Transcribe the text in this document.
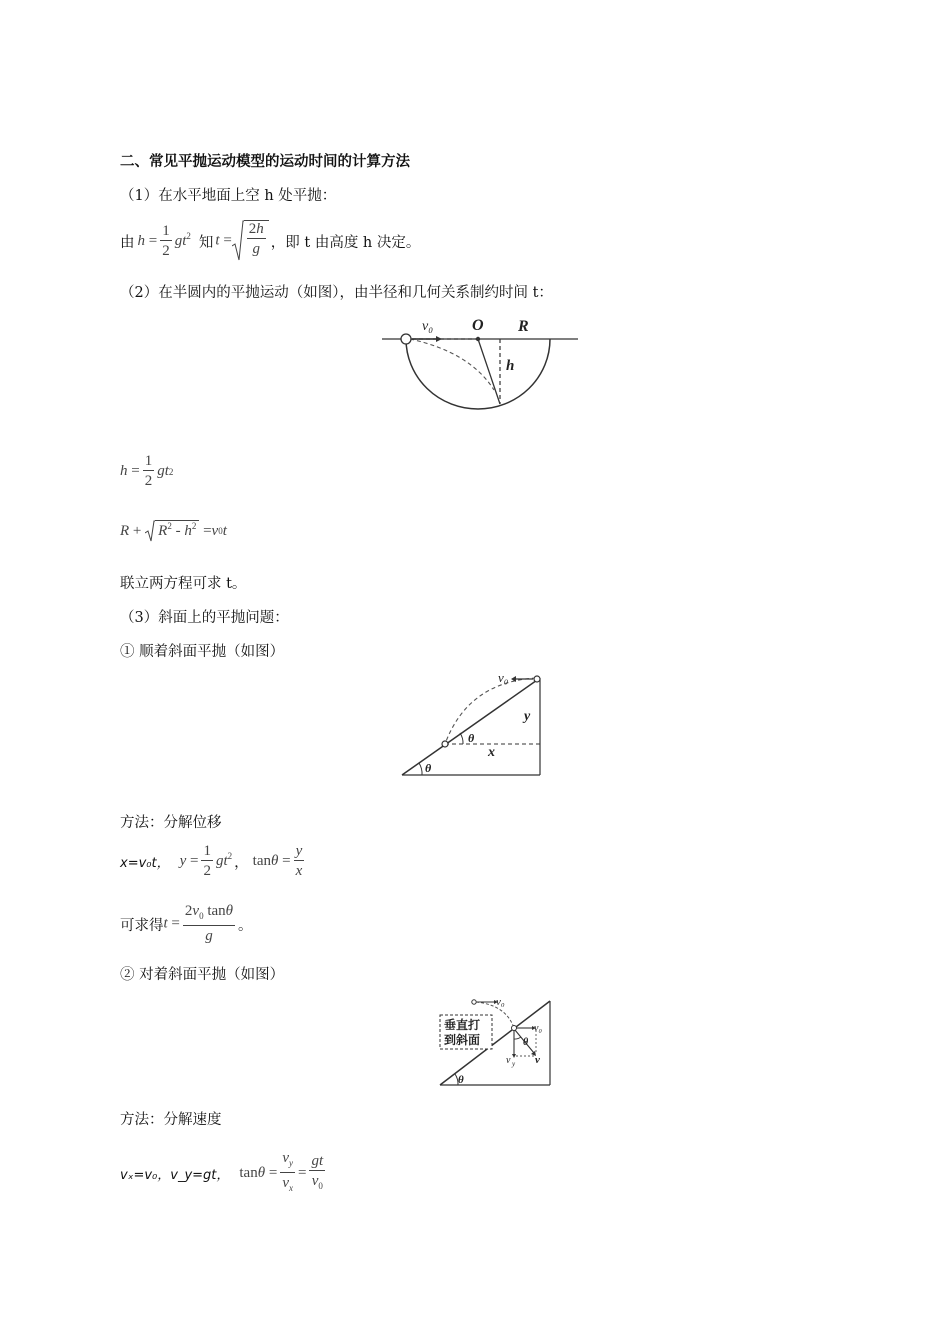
二、常见平抛运动模型的运动时间的计算方法
（1）在水平地面上空 h 处平抛：
由 $h = \frac{1}{2} gt^2$ 知 $t = \frac{2h}{g}$ ，即 t 由高度 h 决定。
（2）在半圆内的平抛运动（如图），由半径和几何关系制约时间 t：
v₀ O R
h
$h = \frac{1}{2}$ gt 2
$R + R^2 - h^2 = v$ 0 t
联立两方程可求 t。
（3）斜面上的平抛问题：
① 顺着斜面平抛（如图）
v₀
y
x
θ
θ
方法：分解位移
x=v₀t， $y = \frac{1}{2} gt^2$ ， $\tan\theta = \frac{y}{x}$
可求得 $t = \frac{2v_0 \tan\theta}{g}$ 。
② 对着斜面平抛（如图）
v₀
垂直打
到斜面
v₀
θ
v y v
θ
方法：分解速度
vₓ=v₀，v_y=gt， $\tan\theta = \frac{v_y}{v_x} = \frac{gt}{v_0}$
